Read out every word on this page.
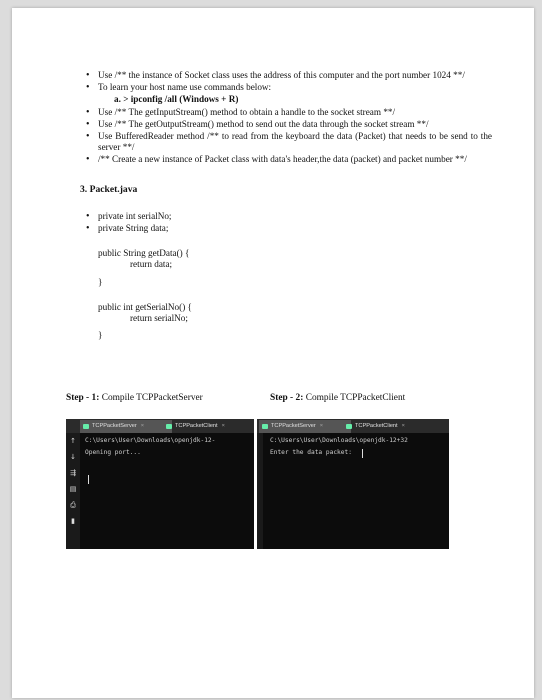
• Use /** the instance of Socket class uses the address of this computer and the port number 1024 **/
• To learn your host name use commands below:
a. > ipconfig /all (Windows + R)
• Use /** The getInputStream() method to obtain a handle to the socket stream **/
• Use /** The getOutputStream() method to send out the data through the socket stream **/
• Use BufferedReader method /** to read from the keyboard the data (Packet) that needs to be send to the server **/
• /** Create a new instance of Packet class with data's header,the data (packet) and packet number **/
3. Packet.java
• private int serialNo;
• private String data;
public String getData() {
return data;
}
public int getSerialNo() {
return serialNo;
}
Step - 1: Compile TCPPacketServer	Step - 2: Compile TCPPacketClient
TCPPacketServer ×	TCPPacketClient ×
↑
↓
⇶
▤
⎙
▮
C:\Users\User\Downloads\openjdk-12-
Opening port...
TCPPacketServer ×	TCPPacketClient ×
C:\Users\User\Downloads\openjdk-12+32
Enter the data packet:
